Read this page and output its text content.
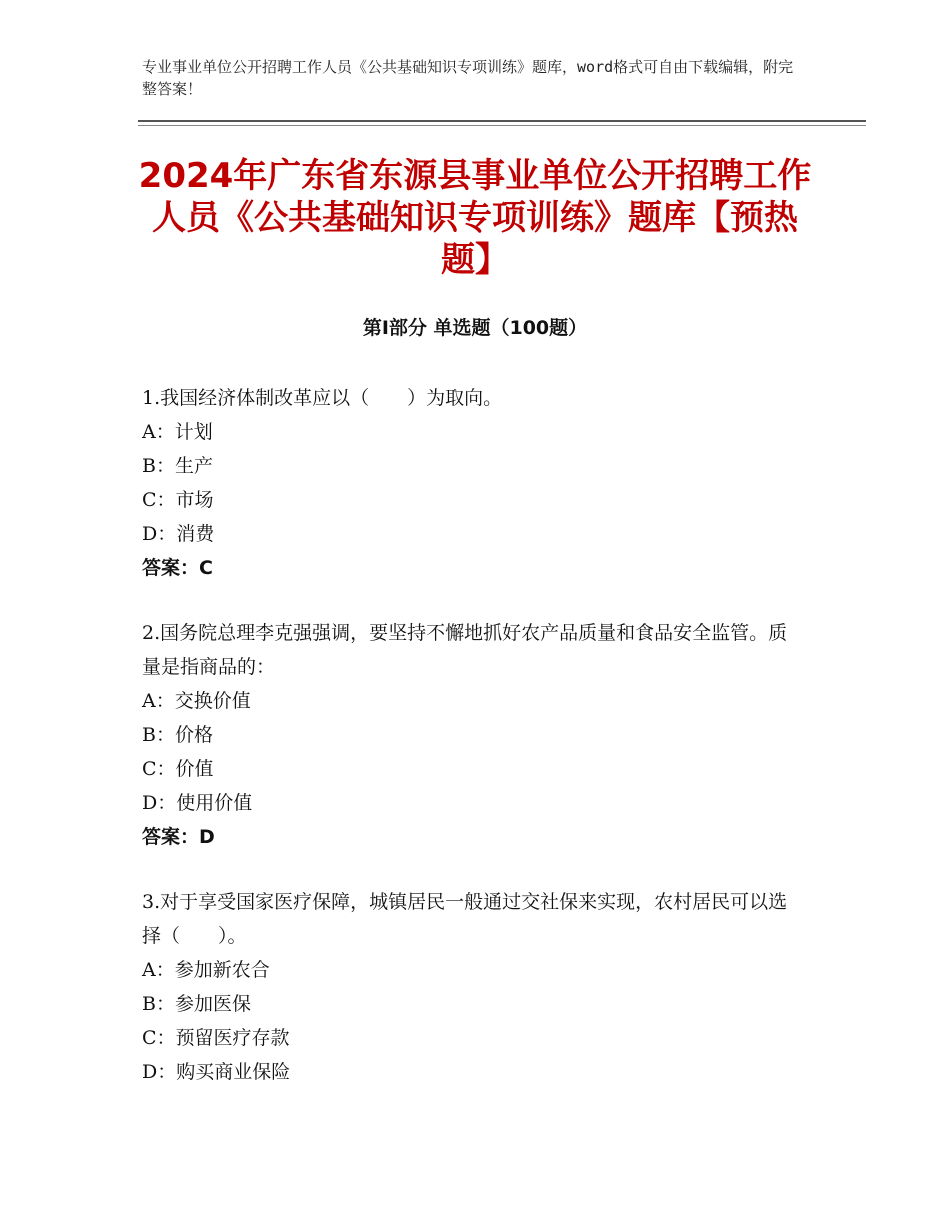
专业事业单位公开招聘工作人员《公共基础知识专项训练》题库，word格式可自由下载编辑，附完整答案！
2024年广东省东源县事业单位公开招聘工作人员《公共基础知识专项训练》题库【预热题】
第Ⅰ部分 单选题（100题）
1.我国经济体制改革应以（　　）为取向。
A：计划
B：生产
C：市场
D：消费
答案：C
2.国务院总理李克强强调，要坚持不懈地抓好农产品质量和食品安全监管。质量是指商品的：
A：交换价值
B：价格
C：价值
D：使用价值
答案：D
3.对于享受国家医疗保障，城镇居民一般通过交社保来实现，农村居民可以选择（　　）。
A：参加新农合
B：参加医保
C：预留医疗存款
D：购买商业保险
